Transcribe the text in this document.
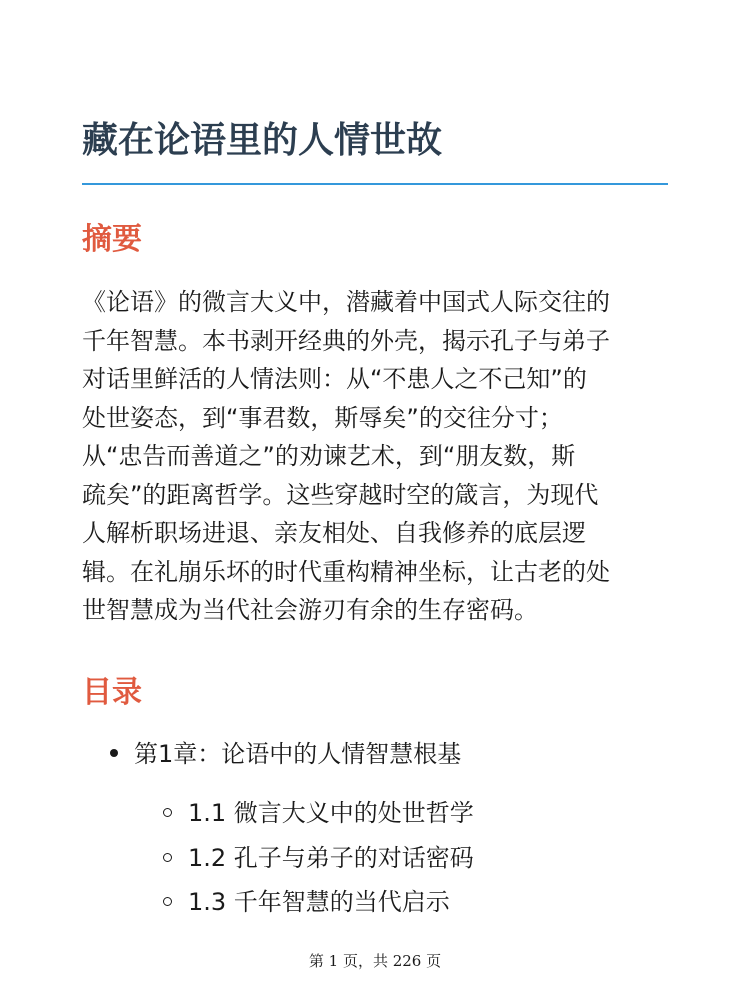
藏在论语里的人情世故
摘要
《论语》的微言大义中，潜藏着中国式人际交往的
千年智慧。本书剥开经典的外壳，揭示孔子与弟子
对话里鲜活的人情法则：从“不患人之不己知”的
处世姿态，到“事君数，斯辱矣”的交往分寸；
从“忠告而善道之”的劝谏艺术，到“朋友数，斯
疏矣”的距离哲学。这些穿越时空的箴言，为现代
人解析职场进退、亲友相处、自我修养的底层逻
辑。在礼崩乐坏的时代重构精神坐标，让古老的处
世智慧成为当代社会游刃有余的生存密码。
目录
第1章：论语中的人情智慧根基
1.1 微言大义中的处世哲学
1.2 孔子与弟子的对话密码
1.3 千年智慧的当代启示
第 1 页，共 226 页
